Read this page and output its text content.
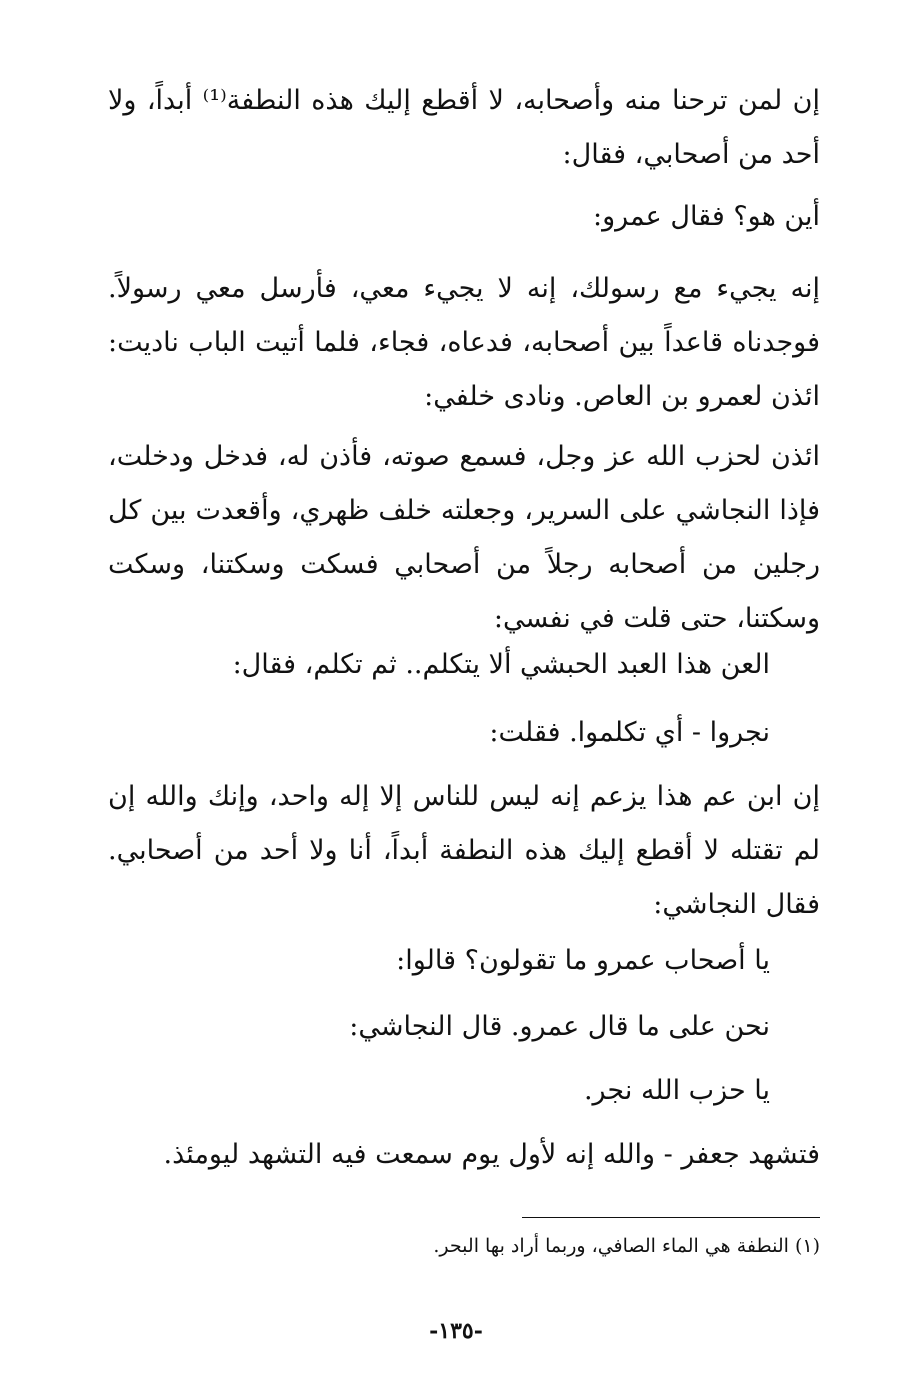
إن لمن ترحنا منه وأصحابه، لا أقطع إليك هذه النطفة⁽¹⁾ أبداً، ولا أحد من أصحابي، فقال:

أين هو؟ فقال عمرو:

إنه يجيء مع رسولك، إنه لا يجيء معي، فأرسل معي رسولاً. فوجدناه قاعداً بين أصحابه، فدعاه، فجاء، فلما أتيت الباب ناديت: ائذن لعمرو بن العاص. ونادى خلفي:

ائذن لحزب الله عز وجل، فسمع صوته، فأذن له، فدخل ودخلت، فإذا النجاشي على السرير، وجعلته خلف ظهري، وأقعدت بين كل رجلين من أصحابه رجلاً من أصحابي فسكت وسكتنا، وسكت وسكتنا، حتى قلت في نفسي:

العن هذا العبد الحبشي ألا يتكلم.. ثم تكلم، فقال:

نجروا - أي تكلموا. فقلت:

إن ابن عم هذا يزعم إنه ليس للناس إلا إله واحد، وإنك والله إن لم تقتله لا أقطع إليك هذه النطفة أبداً، أنا ولا أحد من أصحابي. فقال النجاشي:

يا أصحاب عمرو ما تقولون؟ قالوا:

نحن على ما قال عمرو. قال النجاشي:

يا حزب الله نجر.

فتشهد جعفر - والله إنه لأول يوم سمعت فيه التشهد ليومئذ.

(١) النطفة هي الماء الصافي، وربما أراد بها البحر.

-١٣٥-
